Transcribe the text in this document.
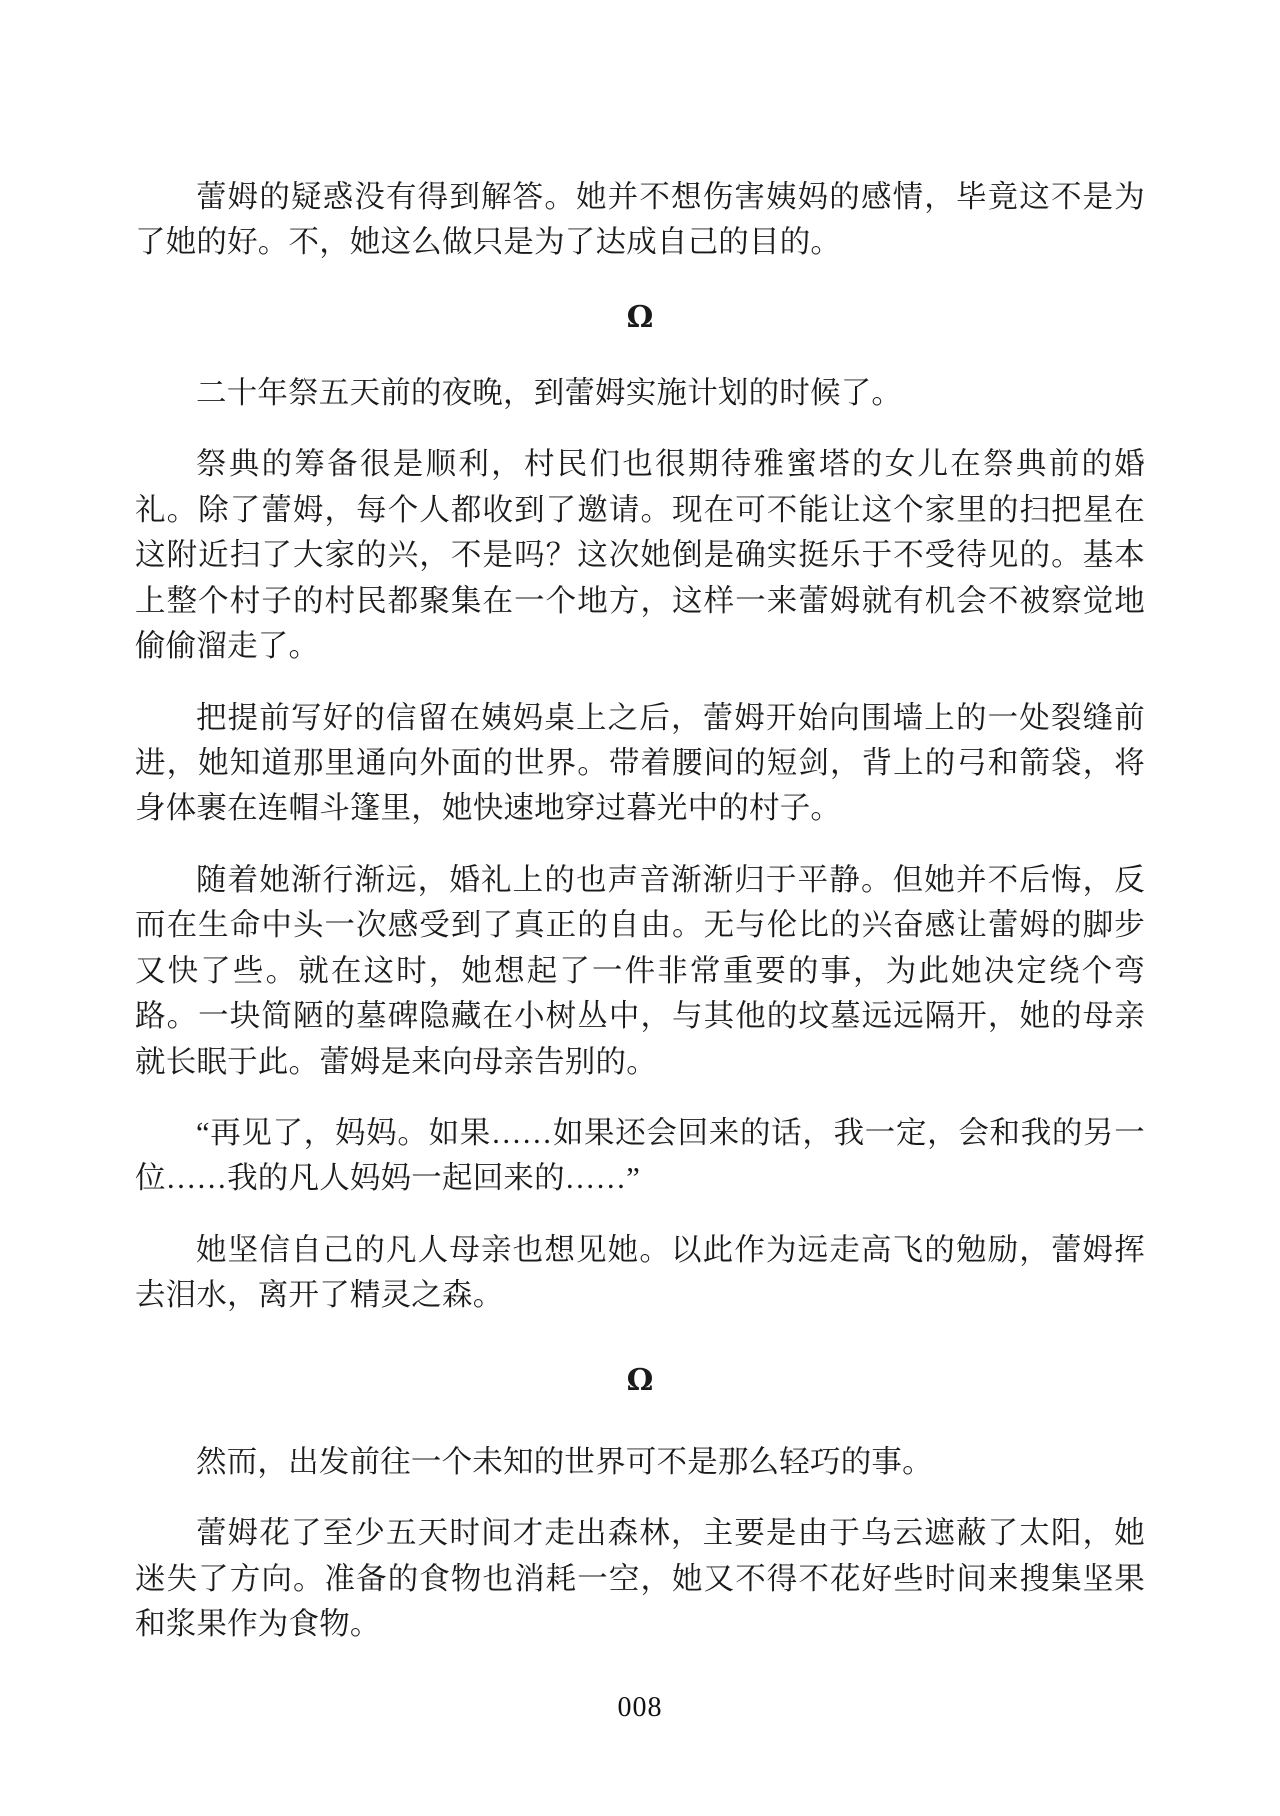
蕾姆的疑惑没有得到解答。她并不想伤害姨妈的感情，毕竟这不是为了她的好。不，她这么做只是为了达成自己的目的。

Ω

二十年祭五天前的夜晚，到蕾姆实施计划的时候了。

祭典的筹备很是顺利，村民们也很期待雅蜜塔的女儿在祭典前的婚礼。除了蕾姆，每个人都收到了邀请。现在可不能让这个家里的扫把星在这附近扫了大家的兴，不是吗？这次她倒是确实挺乐于不受待见的。基本上整个村子的村民都聚集在一个地方，这样一来蕾姆就有机会不被察觉地偷偷溜走了。

把提前写好的信留在姨妈桌上之后，蕾姆开始向围墙上的一处裂缝前进，她知道那里通向外面的世界。带着腰间的短剑，背上的弓和箭袋，将身体裹在连帽斗篷里，她快速地穿过暮光中的村子。

随着她渐行渐远，婚礼上的也声音渐渐归于平静。但她并不后悔，反而在生命中头一次感受到了真正的自由。无与伦比的兴奋感让蕾姆的脚步又快了些。就在这时，她想起了一件非常重要的事，为此她决定绕个弯路。一块简陋的墓碑隐藏在小树丛中，与其他的坟墓远远隔开，她的母亲就长眠于此。蕾姆是来向母亲告别的。

“再见了，妈妈。如果……如果还会回来的话，我一定，会和我的另一位……我的凡人妈妈一起回来的……”

她坚信自己的凡人母亲也想见她。以此作为远走高飞的勉励，蕾姆挥去泪水，离开了精灵之森。

Ω

然而，出发前往一个未知的世界可不是那么轻巧的事。

蕾姆花了至少五天时间才走出森林，主要是由于乌云遮蔽了太阳，她迷失了方向。准备的食物也消耗一空，她又不得不花好些时间来搜集坚果和浆果作为食物。

008
